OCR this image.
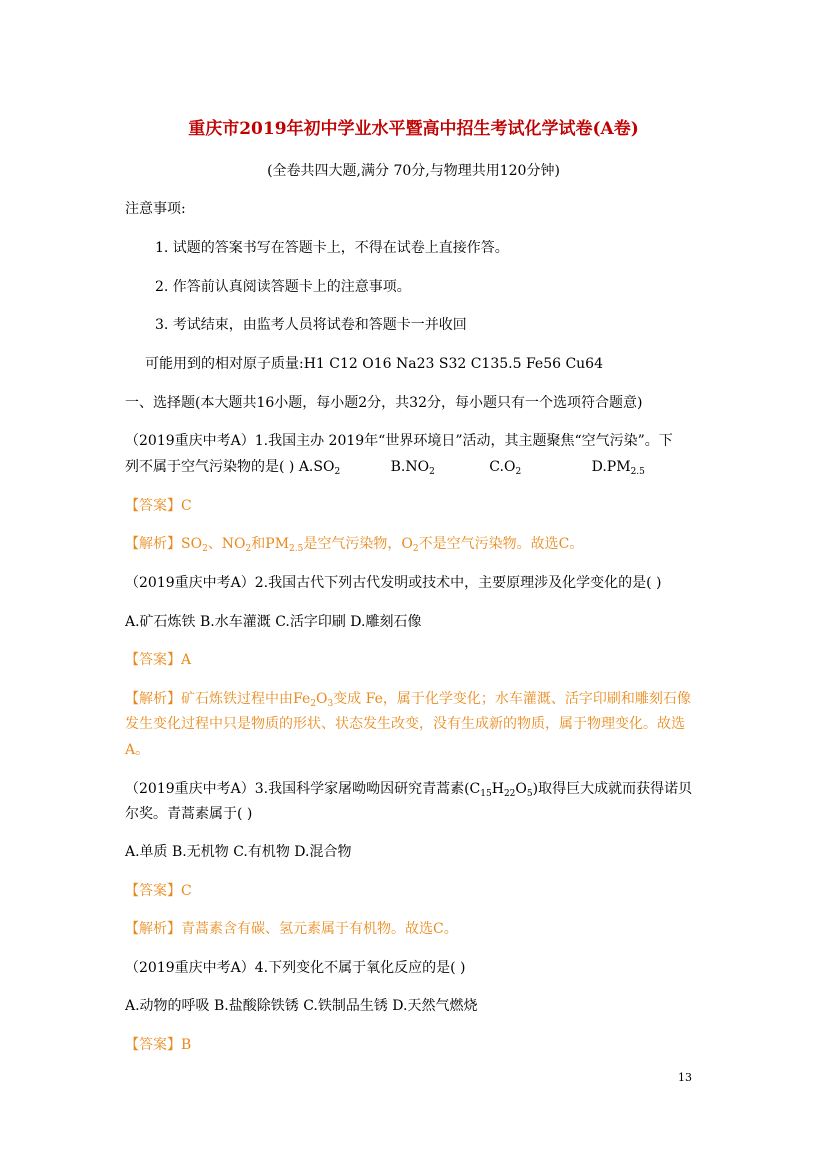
重庆市2019年初中学业水平暨高中招生考试化学试卷(A卷)
(全卷共四大题,满分 70分,与物理共用120分钟)
注意事项:
1. 试题的答案书写在答题卡上，不得在试卷上直接作答。
2. 作答前认真阅读答题卡上的注意事项。
3. 考试结束，由监考人员将试卷和答题卡一并收回
可能用到的相对原子质量:H1 C12 O16 Na23 S32 C135.5 Fe56 Cu64
一、选择题(本大题共16小题，每小题2分，共32分，每小题只有一个选项符合题意)
（2019重庆中考A）1.我国主办 2019年“世界环境日”活动，其主题聚焦“空气污染”。下
列不属于空气污染物的是( ) $A.SO_2$	$B.NO_2$	$C.O_2$	$D.PM_{2.5}$
【答案】C
【解析】$SO_2$、$NO_2$和$PM_{2.5}$是空气污染物，$O_2$不是空气污染物。故选C。
（2019重庆中考A）2.我国古代下列古代发明或技术中，主要原理涉及化学变化的是( )
A.矿石炼铁 B.水车灌溉 C.活字印刷 D.雕刻石像
【答案】A
【解析】矿石炼铁过程中由$Fe_2O_3$变成 Fe，属于化学变化；水车灌溉、活字印刷和雕刻石像
发生变化过程中只是物质的形状、状态发生改变，没有生成新的物质，属于物理变化。故选
A。
（2019重庆中考A）3.我国科学家屠呦呦因研究青蒿素$(C_{15}H_{22}O_5)$取得巨大成就而获得诺贝
尔奖。青蒿素属于( )
A.单质 B.无机物 C.有机物 D.混合物
【答案】C
【解析】青蒿素含有碳、氢元素属于有机物。故选C。
（2019重庆中考A）4.下列变化不属于氧化反应的是( )
A.动物的呼吸 B.盐酸除铁锈 C.铁制品生锈 D.天然气燃烧
【答案】B
13
